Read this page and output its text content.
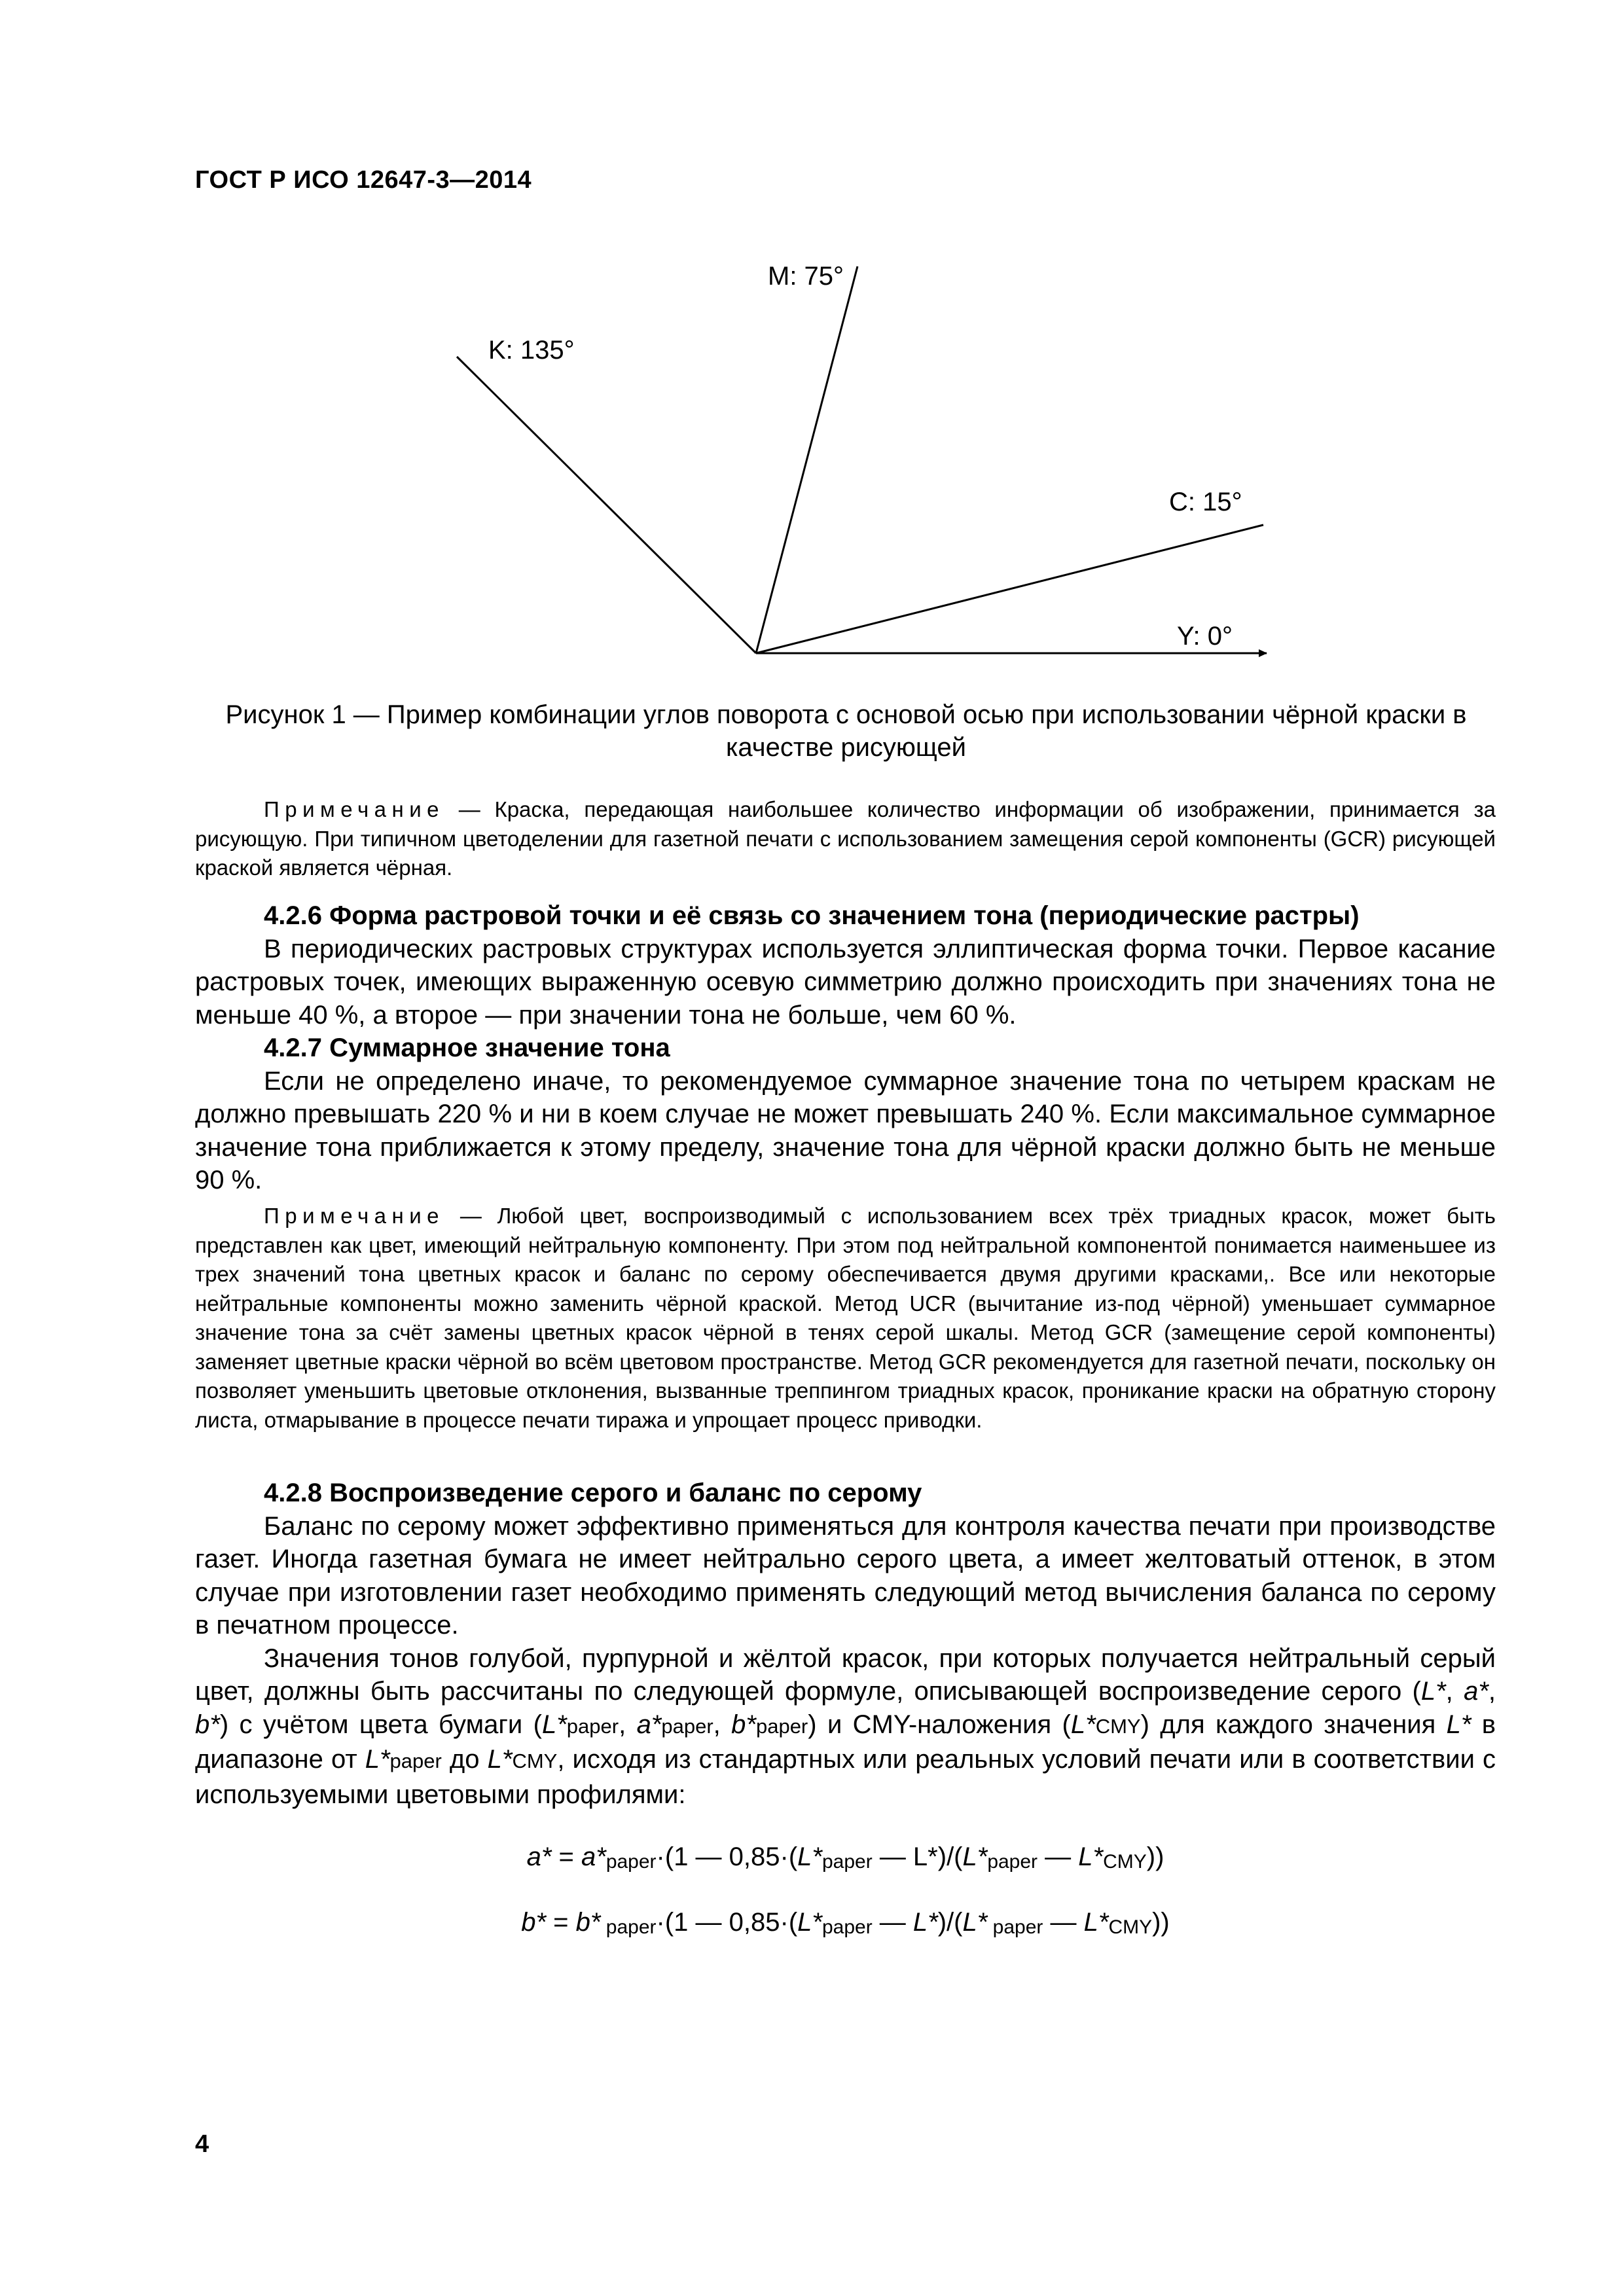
ГОСТ Р ИСО 12647-3—2014
M: 75°
K: 135°
C: 15°
Y: 0°
Рисунок 1 — Пример комбинации углов поворота с основой осью при использовании чёрной краски в качестве рисующей

Примечание — Краска, передающая наибольшее количество информации об изображении, принимается за рисующую. При типичном цветоделении для газетной печати с использованием замещения серой компоненты (GCR) рисующей краской является чёрная.

4.2.6 Форма растровой точки и её связь со значением тона (периодические растры)

В периодических растровых структурах используется эллиптическая форма точки. Первое касание растровых точек, имеющих выраженную осевую симметрию должно происходить при значениях тона не меньше 40 %, а второе — при значении тона не больше, чем 60 %.

4.2.7 Суммарное значение тона

Если не определено иначе, то рекомендуемое суммарное значение тона по четырем краскам не должно превышать 220 % и ни в коем случае не может превышать 240 %. Если максимальное суммарное значение тона приближается к этому пределу, значение тона для чёрной краски должно быть не меньше 90 %.

Примечание — Любой цвет, воспроизводимый с использованием всех трёх триадных красок, может быть представлен как цвет, имеющий нейтральную компоненту. При этом под нейтральной компонентой понимается наименьшее из трех значений тона цветных красок и баланс по серому обеспечивается двумя другими красками,. Все или некоторые нейтральные компоненты можно заменить чёрной краской. Метод UCR (вычитание из-под чёрной) уменьшает суммарное значение тона за счёт замены цветных красок чёрной в тенях серой шкалы. Метод GCR (замещение серой компоненты) заменяет цветные краски чёрной во всём цветовом пространстве. Метод GCR рекомендуется для газетной печати, поскольку он позволяет уменьшить цветовые отклонения, вызванные треппингом триадных красок, проникание краски на обратную сторону листа, отмарывание в процессе печати тиража и упрощает процесс приводки.

4.2.8 Воспроизведение серого и баланс по серому

Баланс по серому может эффективно применяться для контроля качества печати при производстве газет. Иногда газетная бумага не имеет нейтрально серого цвета, а имеет желтоватый оттенок, в этом случае при изготовлении газет необходимо применять следующий метод вычисления баланса по серому в печатном процессе.

Значения тонов голубой, пурпурной и жёлтой красок, при которых получается нейтральный серый цвет, должны быть рассчитаны по следующей формуле, описывающей воспроизведение серого (L*, a*, b*) с учётом цвета бумаги (L*paper, a*paper, b*paper) и CMY-наложения (L*CMY) для каждого значения L* в диапазоне от L*paper до L*CMY, исходя из стандартных или реальных условий печати или в соответствии с используемыми цветовыми профилями:

$a* = a*_{paper}\cdot(1$ — $0,85\cdot(L*_{paper}$ — $L*)/(L*_{paper}$ — $L*_{CMY}$))
b* = b* $_{paper}$·(1 — $0,85\cdot(L*_{paper}$ — L*)/(L* $_{paper}$ — $L*_{CMY}$))
4
